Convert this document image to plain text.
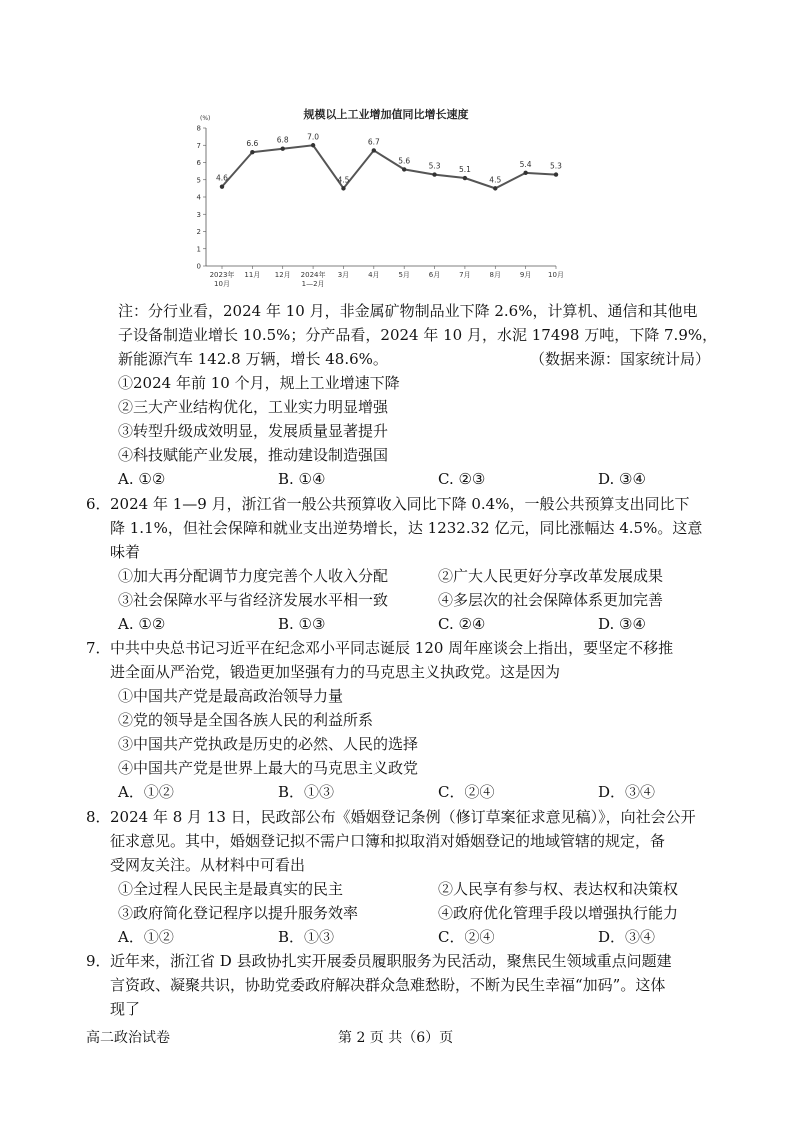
规模以上工业增加值同比增长速度
(%)
0
1
2
3
4
5
6
7
8
2023年
10月
11月 12月 2024年
1—2月
3月	4月	5月	6月	7月	8月	9月 10月
4.6
6.6 6.8 7.0
4.5
6.7
5.6
5.3 5.1
4.5
5.4 5.3
注：分行业看，2024 年 10 月，非金属矿物制品业下降 2.6%，计算机、通信和其他电
子设备制造业增长 10.5%；分产品看，2024 年 10 月，水泥 17498 万吨，下降 7.9%，
新能源汽车 142.8 万辆，增长 48.6%。	（数据来源：国家统计局）
①2024 年前 10 个月，规上工业增速下降
②三大产业结构优化，工业实力明显增强
③转型升级成效明显，发展质量显著提升
④科技赋能产业发展，推动建设制造强国
A. ①②	B. ①④	C. ②③	D. ③④
6．2024 年 1—9 月，浙江省一般公共预算收入同比下降 0.4%，一般公共预算支出同比下
降 1.1%，但社会保障和就业支出逆势增长，达 1232.32 亿元，同比涨幅达 4.5%。这意
味着
①加大再分配调节力度完善个人收入分配	②广大人民更好分享改革发展成果
③社会保障水平与省经济发展水平相一致	④多层次的社会保障体系更加完善
A. ①②	B. ①③	C. ②④	D. ③④
7．中共中央总书记习近平在纪念邓小平同志诞辰 120 周年座谈会上指出，要坚定不移推
进全面从严治党，锻造更加坚强有力的马克思主义执政党。这是因为
①中国共产党是最高政治领导力量
②党的领导是全国各族人民的利益所系
③中国共产党执政是历史的必然、人民的选择
④中国共产党是世界上最大的马克思主义政党
A．①②	B．①③	C．②④	D．③④
8．2024 年 8 月 13 日，民政部公布《婚姻登记条例（修订草案征求意见稿）》，向社会公开
征求意见。其中，婚姻登记拟不需户口簿和拟取消对婚姻登记的地域管辖的规定，备
受网友关注。从材料中可看出
①全过程人民民主是最真实的民主	②人民享有参与权、表达权和决策权
③政府简化登记程序以提升服务效率	④政府优化管理手段以增强执行能力
A．①②	B．①③	C．②④	D．③④
9．近年来，浙江省 D 县政协扎实开展委员履职服务为民活动，聚焦民生领域重点问题建
言资政、凝聚共识，协助党委政府解决群众急难愁盼，不断为民生幸福“加码”。这体
现了
高二政治试卷	第 2 页 共（6）页
